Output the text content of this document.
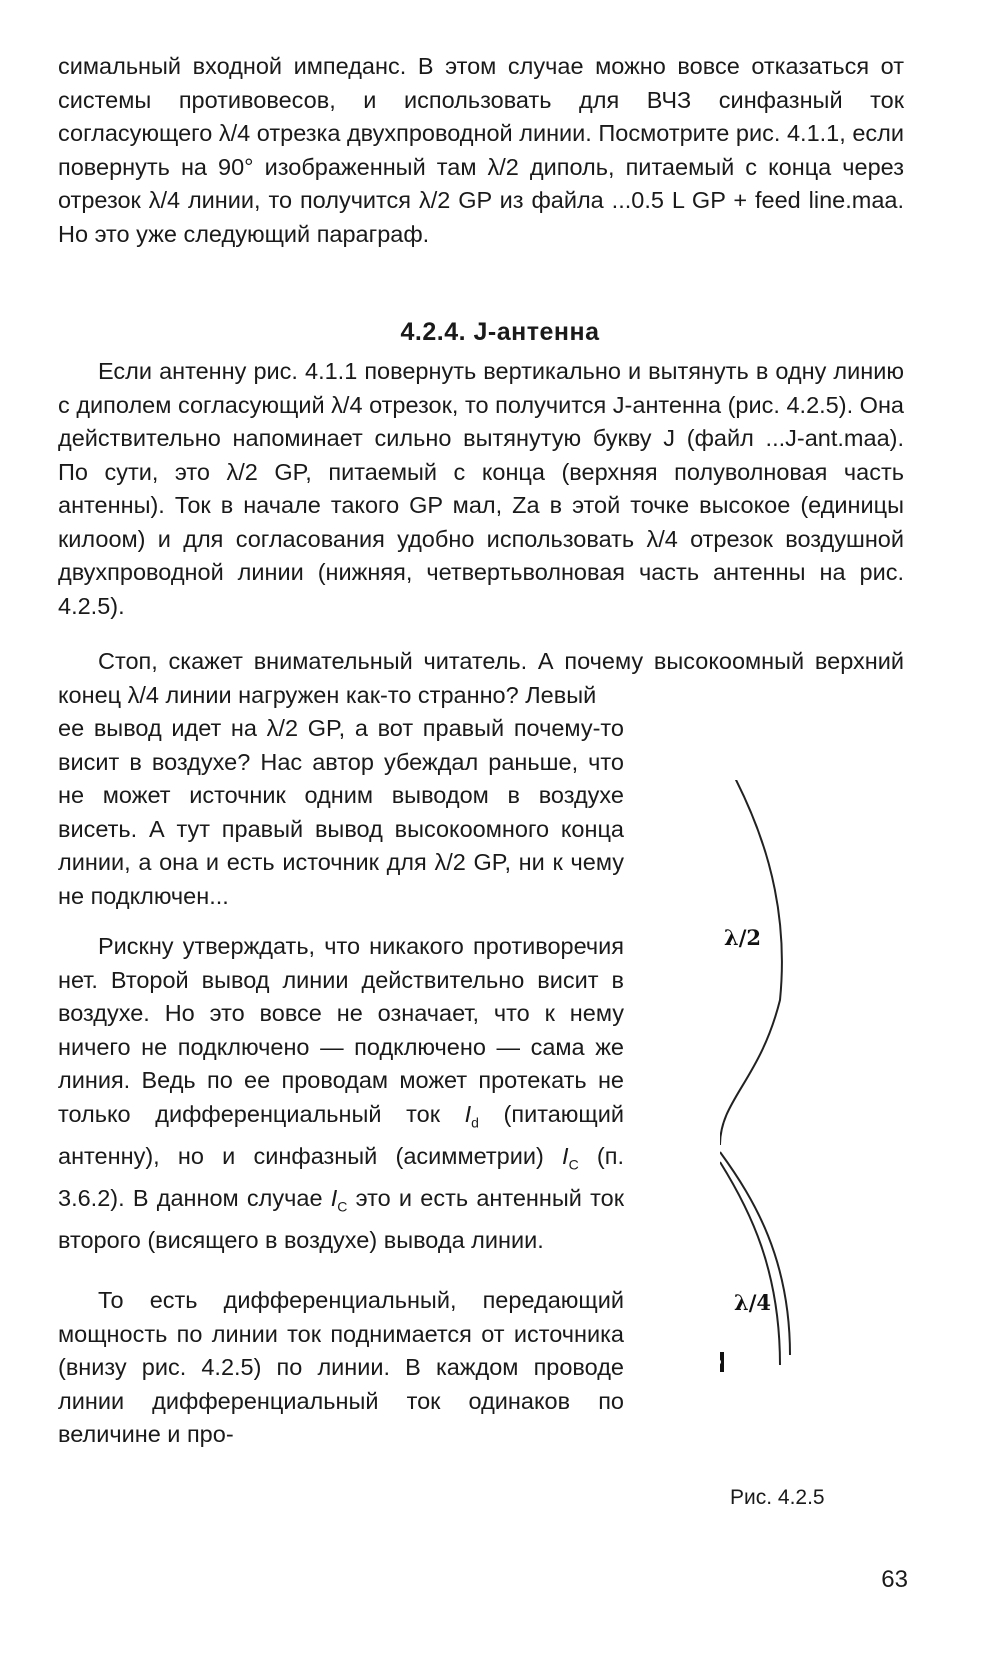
симальный входной импеданс. В этом случае можно вовсе отказаться от системы противовесов, и использовать для ВЧЗ синфазный ток согласующего λ/4 отрезка двухпроводной линии. Посмотрите рис. 4.1.1, если повернуть на 90° изображенный там λ/2 диполь, питаемый с конца через отрезок λ/4 линии, то получится λ/2 GP из файла ...0.5 L GP + feed line.maa. Но это уже следующий параграф.

4.2.4. J-антенна

Если антенну рис. 4.1.1 повернуть вертикально и вытянуть в одну линию с диполем согласующий λ/4 отрезок, то получится J-антенна (рис. 4.2.5). Она действительно напоминает сильно вытянутую букву J (файл ...J-ant.maa). По сути, это λ/2 GP, питаемый с конца (верхняя полуволновая часть антенны). Ток в начале такого GP мал, Za в этой точке высокое (единицы килоом) и для согласования удобно использовать λ/4 отрезок воздушной двухпроводной линии (нижняя, четвертьволновая часть антенны на рис. 4.2.5).

Стоп, скажет внимательный читатель. А почему высокоомный верхний конец λ/4 линии нагружен как-то странно? Левый

ее вывод идет на λ/2 GP, а вот правый почему-то висит в воздухе? Нас автор убеждал раньше, что не может источник одним выводом в воздухе висеть. А тут правый вывод высокоомного конца линии, а она и есть источник для λ/2 GP, ни к чему не подключен...

Рискну утверждать, что никакого противоречия нет. Второй вывод линии действительно висит в воздухе. Но это вовсе не означает, что к нему ничего не подключено — подключено — сама же линия. Ведь по ее проводам может протекать не только дифференциальный ток $I_d$ (питающий антенну), но и синфазный (асимметрии) $I_C$ (п. 3.6.2). В данном случае $I_C$ это и есть антенный ток второго (висящего в воздухе) вывода линии.

То есть дифференциальный, передающий мощность по линии ток поднимается от источника (внизу рис. 4.2.5) по линии. В каждом проводе линии дифференциальный ток одинаков по величине и про-

λ/2
λ/4
Рис. 4.2.5
63
